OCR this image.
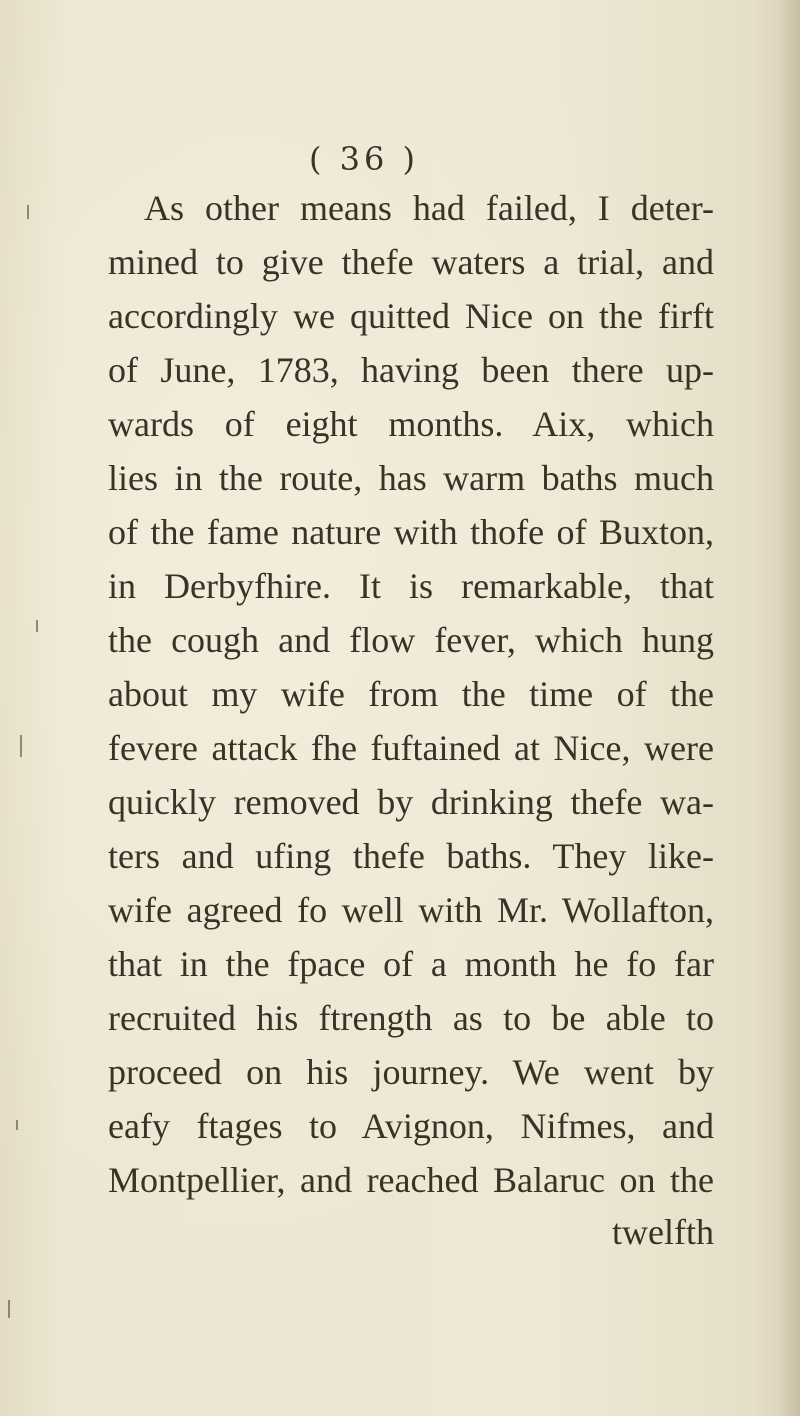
( 36 )
As other means had failed, I deter-
mined to give thefe waters a trial, and
accordingly we quitted Nice on the firft
of June, 1783, having been there up-
wards of eight months. Aix, which
lies in the route, has warm baths much
of the fame nature with thofe of Buxton,
in Derbyfhire. It is remarkable, that
the cough and flow fever, which hung
about my wife from the time of the
fevere attack fhe fuftained at Nice, were
quickly removed by drinking thefe wa-
ters and ufing thefe baths. They like-
wife agreed fo well with Mr. Wollafton,
that in the fpace of a month he fo far
recruited his ftrength as to be able to
proceed on his journey. We went by
eafy ftages to Avignon, Nifmes, and
Montpellier, and reached Balaruc on the
twelfth
